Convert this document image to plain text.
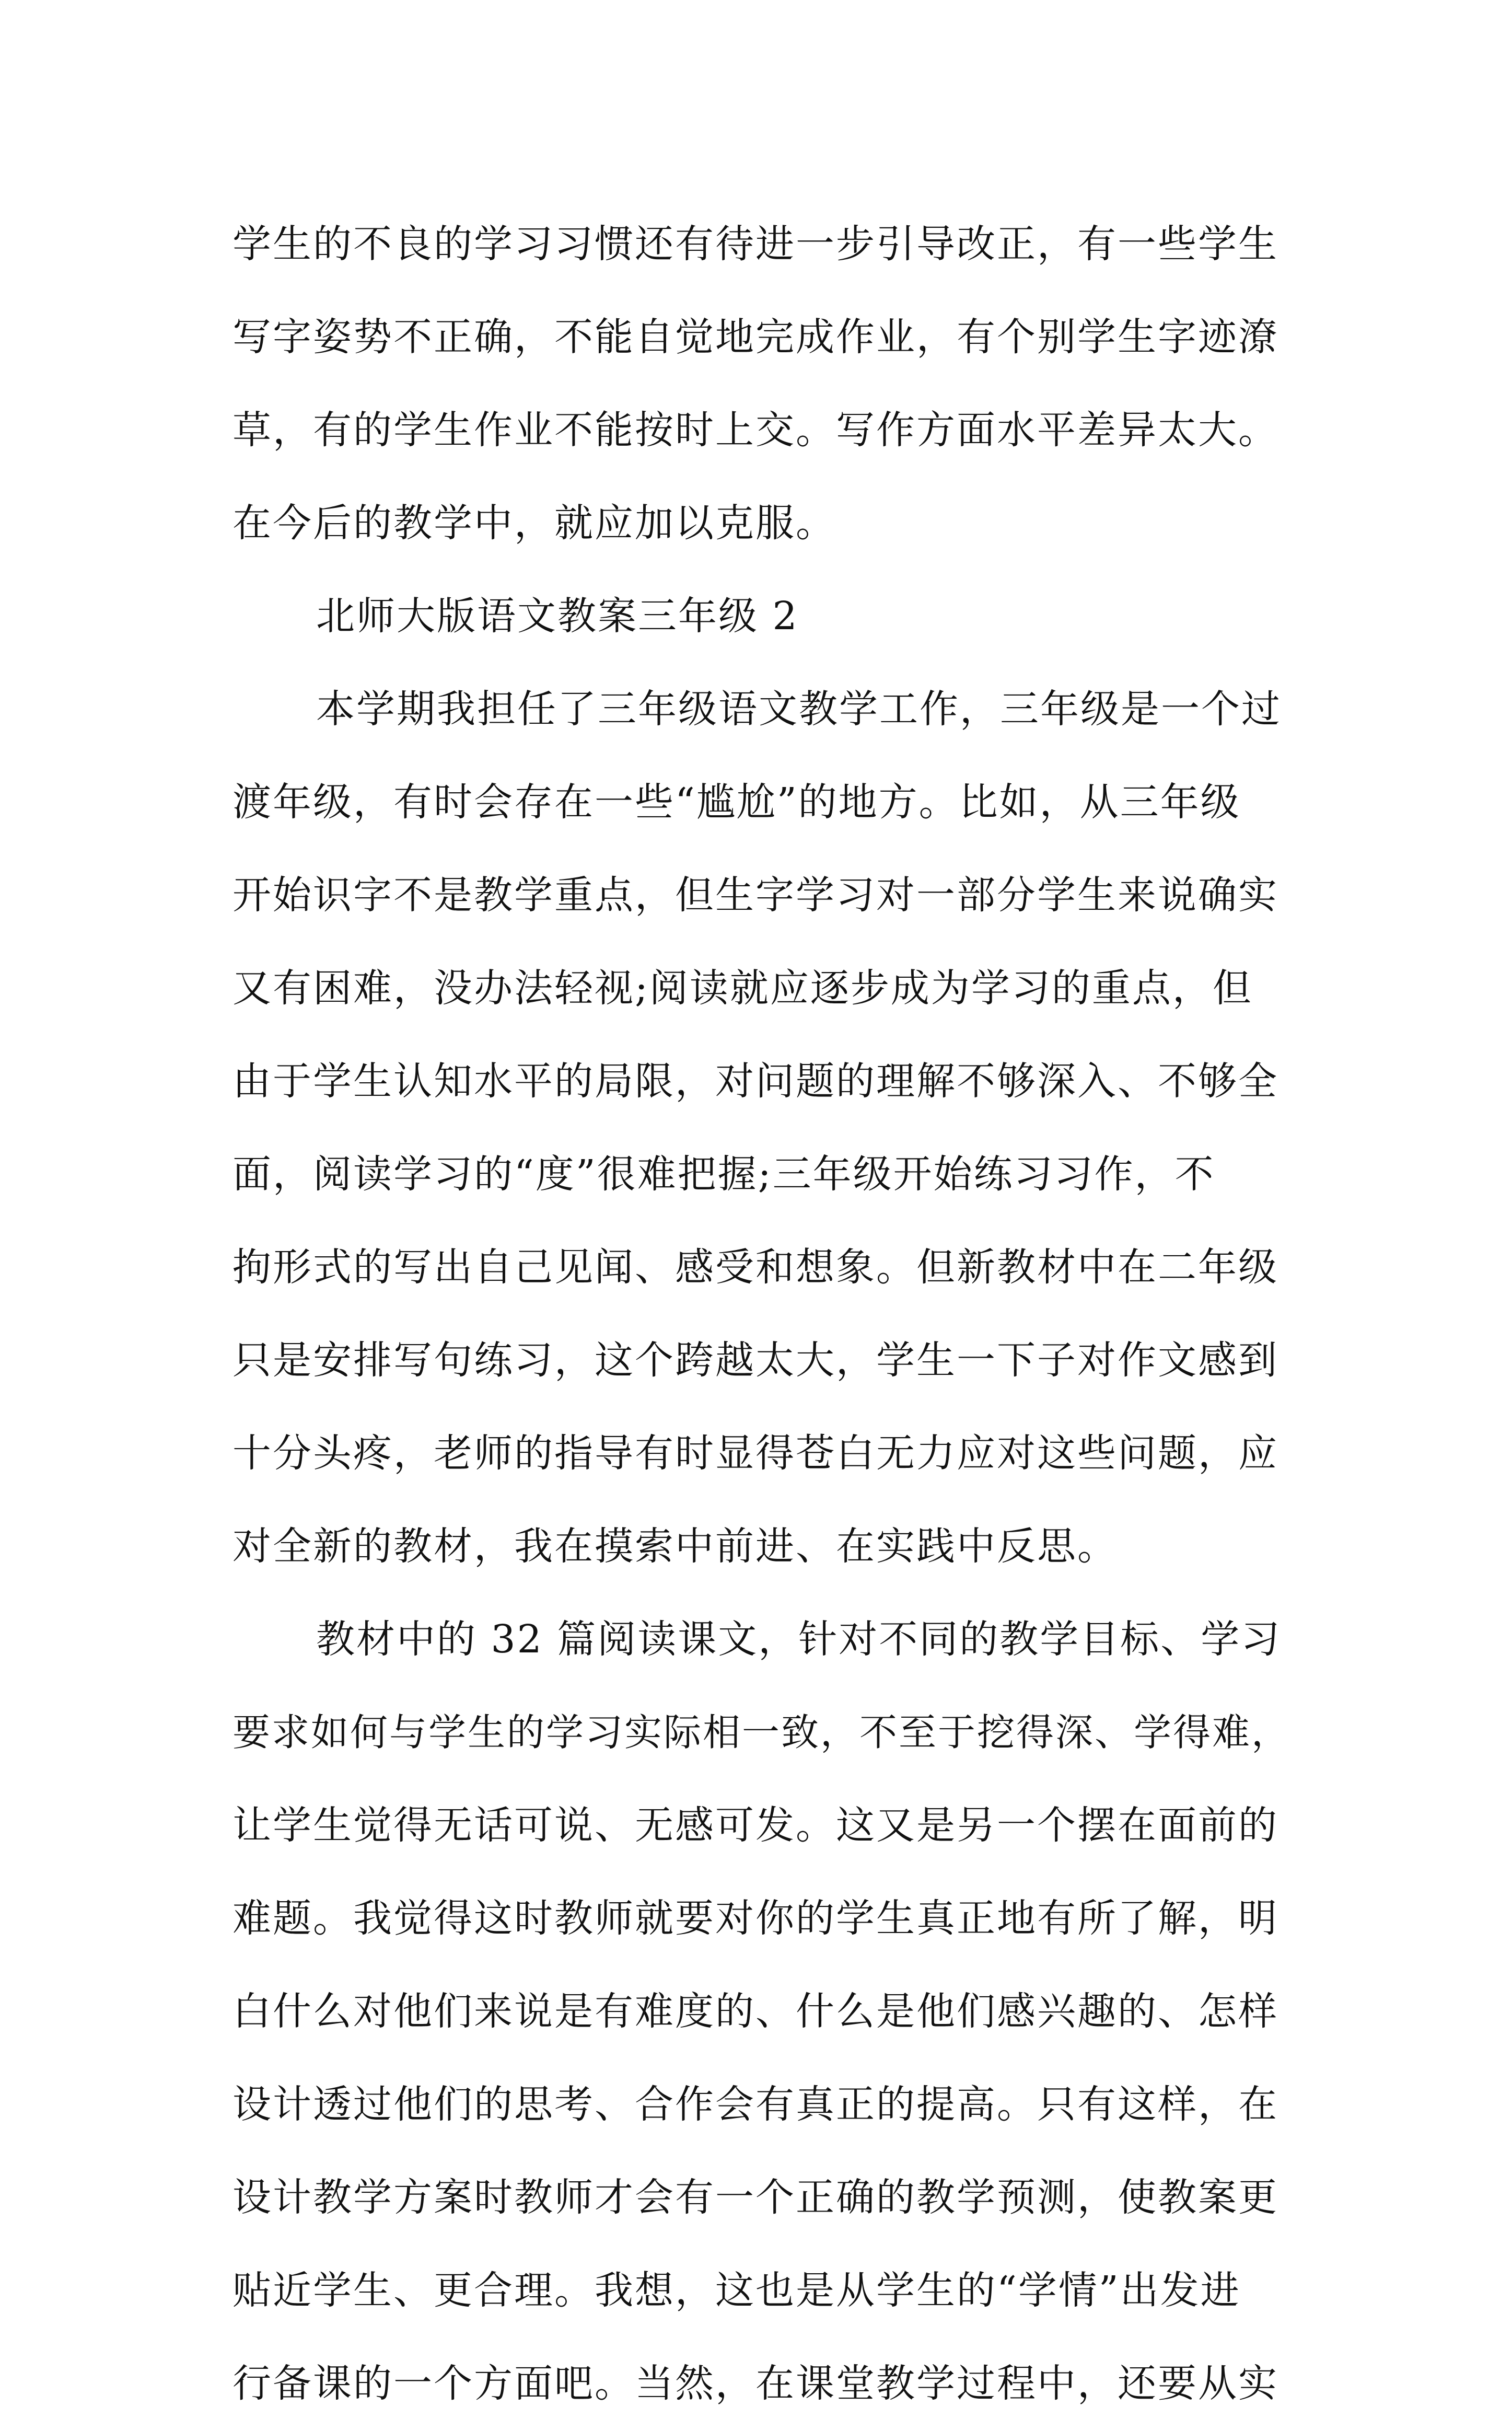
学生的不良的学习习惯还有待进一步引导改正，有一些学生
写字姿势不正确，不能自觉地完成作业，有个别学生字迹潦
草，有的学生作业不能按时上交。写作方面水平差异太大。
在今后的教学中，就应加以克服。
北师大版语文教案三年级 2
本学期我担任了三年级语文教学工作，三年级是一个过
渡年级，有时会存在一些“尴尬”的地方。比如，从三年级
开始识字不是教学重点，但生字学习对一部分学生来说确实
又有困难，没办法轻视;阅读就应逐步成为学习的重点，但
由于学生认知水平的局限，对问题的理解不够深入、不够全
面，阅读学习的“度”很难把握;三年级开始练习习作，不
拘形式的写出自己见闻、感受和想象。但新教材中在二年级
只是安排写句练习，这个跨越太大，学生一下子对作文感到
十分头疼，老师的指导有时显得苍白无力应对这些问题，应
对全新的教材，我在摸索中前进、在实践中反思。
教材中的 32 篇阅读课文，针对不同的教学目标、学习
要求如何与学生的学习实际相一致，不至于挖得深、学得难，
让学生觉得无话可说、无感可发。这又是另一个摆在面前的
难题。我觉得这时教师就要对你的学生真正地有所了解，明
白什么对他们来说是有难度的、什么是他们感兴趣的、怎样
设计透过他们的思考、合作会有真正的提高。只有这样，在
设计教学方案时教师才会有一个正确的教学预测，使教案更
贴近学生、更合理。我想，这也是从学生的“学情”出发进
行备课的一个方面吧。当然，在课堂教学过程中，还要从实
